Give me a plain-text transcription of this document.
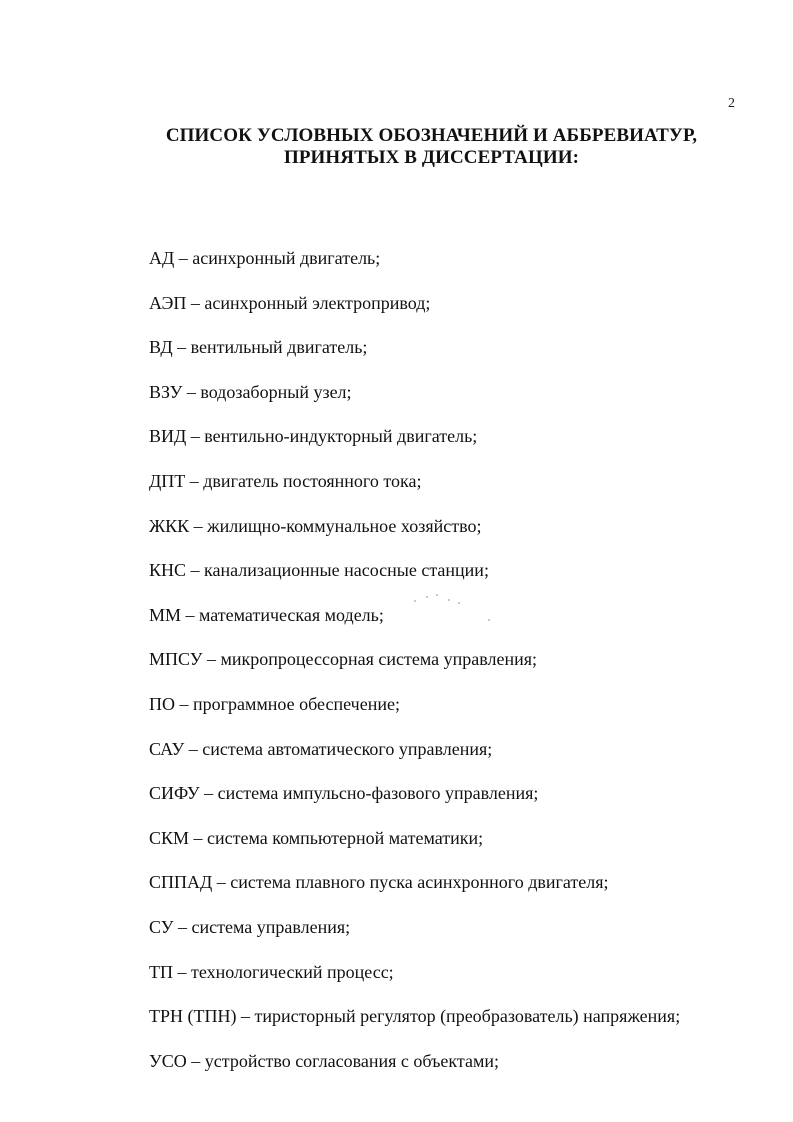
2
СПИСОК УСЛОВНЫХ ОБОЗНАЧЕНИЙ И АББРЕВИАТУР,
ПРИНЯТЫХ В ДИССЕРТАЦИИ:
АД – асинхронный двигатель;
АЭП – асинхронный электропривод;
ВД – вентильный двигатель;
ВЗУ – водозаборный узел;
ВИД – вентильно-индукторный двигатель;
ДПТ – двигатель постоянного тока;
ЖКК – жилищно-коммунальное хозяйство;
КНС – канализационные насосные станции;
ММ – математическая модель;
МПСУ – микропроцессорная система управления;
ПО – программное обеспечение;
САУ – система автоматического управления;
СИФУ – система импульсно-фазового управления;
СКМ – система компьютерной математики;
СППАД – система плавного пуска асинхронного двигателя;
СУ – система управления;
ТП – технологический процесс;
ТРН (ТПН) – тиристорный регулятор (преобразователь) напряжения;
УСО – устройство согласования с объектами;
